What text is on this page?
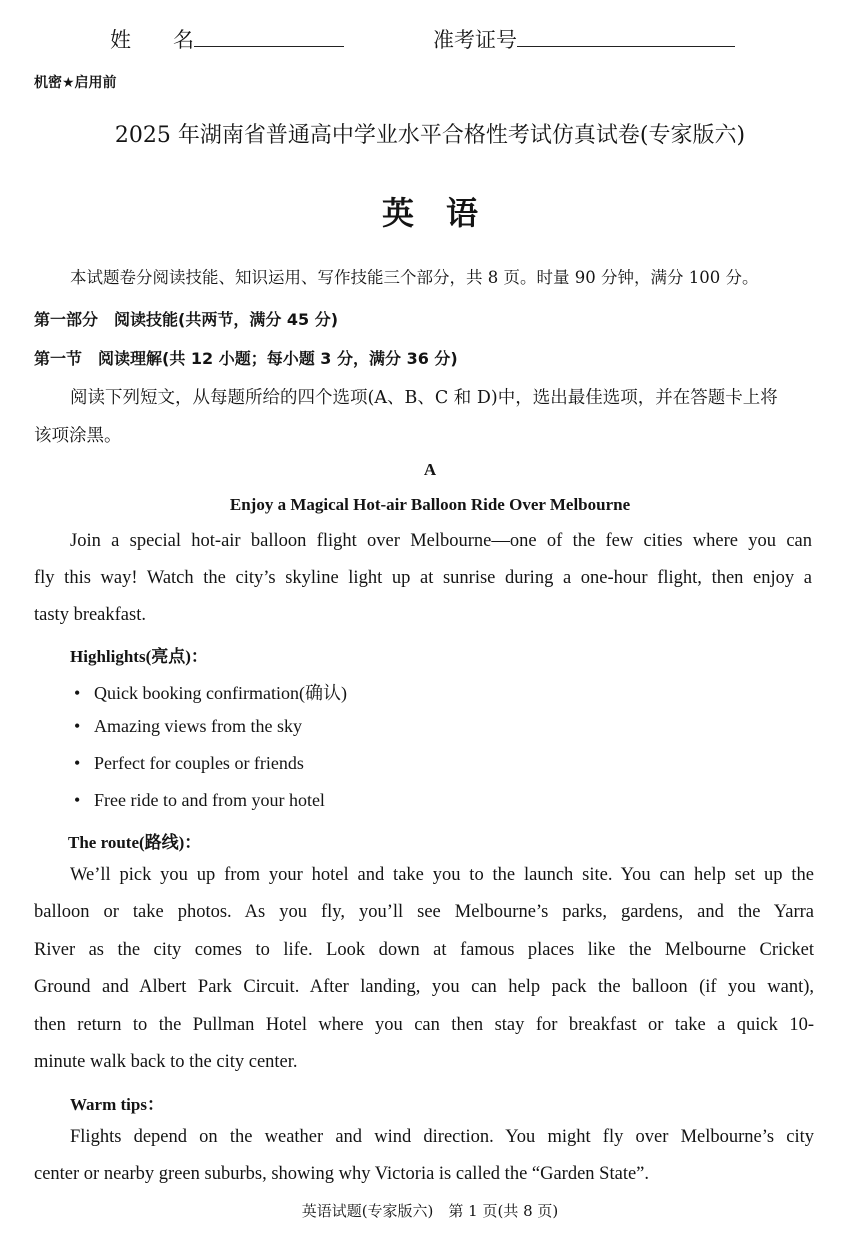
姓　　名	准考证号
机密★启用前
2025 年湖南省普通高中学业水平合格性考试仿真试卷(专家版六)
英　语
本试题卷分阅读技能、知识运用、写作技能三个部分，共 8 页。时量 90 分钟，满分 100 分。
第一部分　阅读技能(共两节，满分 45 分)
第一节　阅读理解(共 12 小题；每小题 3 分，满分 36 分)
阅读下列短文，从每题所给的四个选项(A、B、C 和 D)中，选出最佳选项，并在答题卡上将
该项涂黑。
A
Enjoy a Magical Hot-air Balloon Ride Over Melbourne
Join a special hot-air balloon flight over Melbourne—one of the few cities where you can
fly this way! Watch the city’s skyline light up at sunrise during a one-hour flight, then enjoy a
tasty breakfast.
Highlights(亮点)：
• Quick booking confirmation(确认)
• Amazing views from the sky
• Perfect for couples or friends
• Free ride to and from your hotel
The route(路线)：
We’ll pick you up from your hotel and take you to the launch site. You can help set up the
balloon or take photos. As you fly, you’ll see Melbourne’s parks, gardens, and the Yarra
River as the city comes to life. Look down at famous places like the Melbourne Cricket
Ground and Albert Park Circuit. After landing, you can help pack the balloon (if you want),
then return to the Pullman Hotel where you can then stay for breakfast or take a quick 10-
minute walk back to the city center.
Warm tips：
Flights depend on the weather and wind direction. You might fly over Melbourne’s city
center or nearby green suburbs, showing why Victoria is called the “Garden State”.
英语试题(专家版六)　第 1 页(共 8 页)
